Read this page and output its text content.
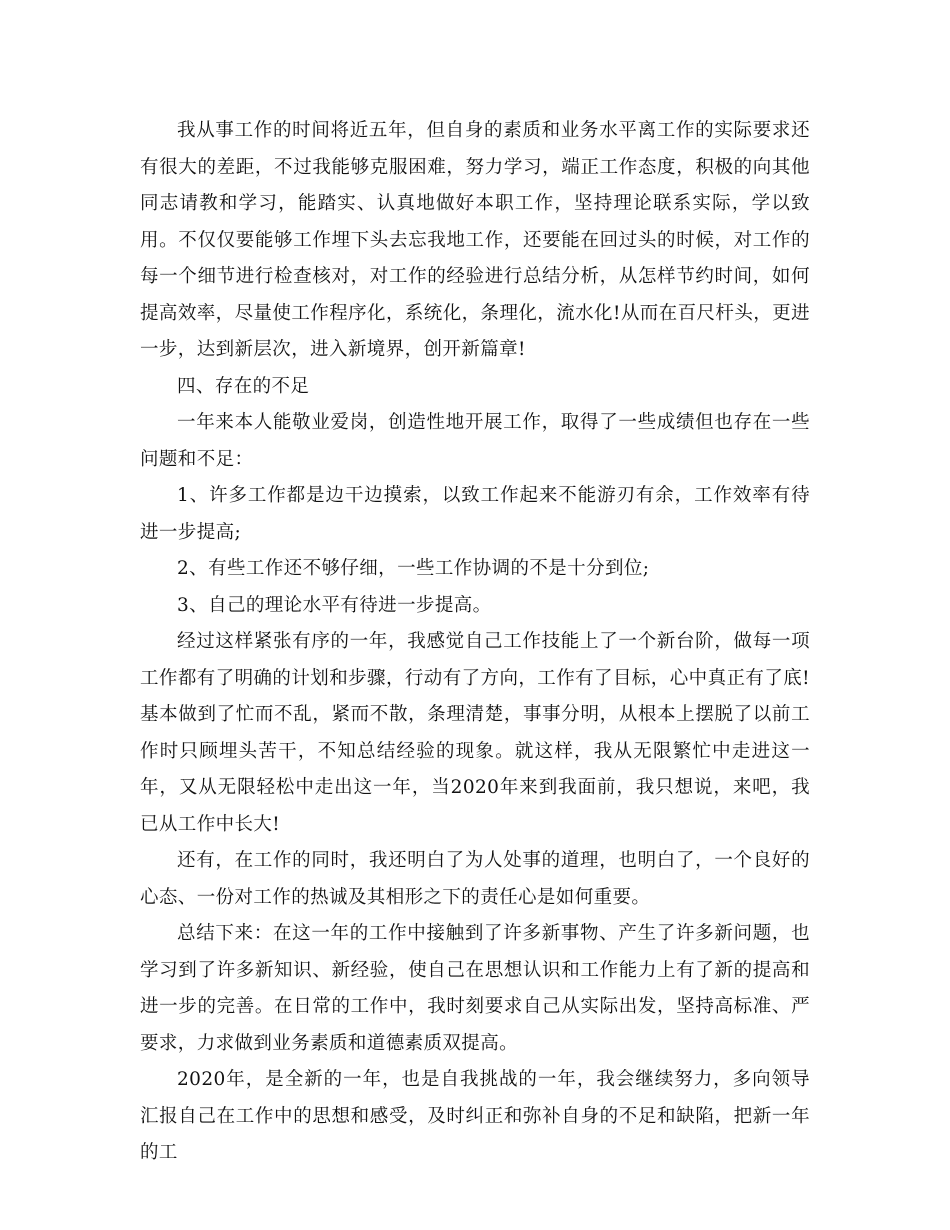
我从事工作的时间将近五年，但自身的素质和业务水平离工作的实际要求还有很大的差距，不过我能够克服困难，努力学习，端正工作态度，积极的向其他同志请教和学习，能踏实、认真地做好本职工作，坚持理论联系实际，学以致用。不仅仅要能够工作埋下头去忘我地工作，还要能在回过头的时候，对工作的每一个细节进行检查核对，对工作的经验进行总结分析，从怎样节约时间，如何提高效率，尽量使工作程序化，系统化，条理化，流水化!从而在百尺杆头，更进一步，达到新层次，进入新境界，创开新篇章!

四、存在的不足

一年来本人能敬业爱岗，创造性地开展工作，取得了一些成绩但也存在一些问题和不足：

1、许多工作都是边干边摸索，以致工作起来不能游刃有余，工作效率有待进一步提高;

2、有些工作还不够仔细，一些工作协调的不是十分到位;

3、自己的理论水平有待进一步提高。

经过这样紧张有序的一年，我感觉自己工作技能上了一个新台阶，做每一项工作都有了明确的计划和步骤，行动有了方向，工作有了目标，心中真正有了底!基本做到了忙而不乱，紧而不散，条理清楚，事事分明，从根本上摆脱了以前工作时只顾埋头苦干，不知总结经验的现象。就这样，我从无限繁忙中走进这一年，又从无限轻松中走出这一年，当2020年来到我面前，我只想说，来吧，我已从工作中长大!

还有，在工作的同时，我还明白了为人处事的道理，也明白了，一个良好的心态、一份对工作的热诚及其相形之下的责任心是如何重要。

总结下来：在这一年的工作中接触到了许多新事物、产生了许多新问题，也学习到了许多新知识、新经验，使自己在思想认识和工作能力上有了新的提高和进一步的完善。在日常的工作中，我时刻要求自己从实际出发，坚持高标准、严要求，力求做到业务素质和道德素质双提高。

2020年，是全新的一年，也是自我挑战的一年，我会继续努力，多向领导汇报自己在工作中的思想和感受，及时纠正和弥补自身的不足和缺陷，把新一年的工
